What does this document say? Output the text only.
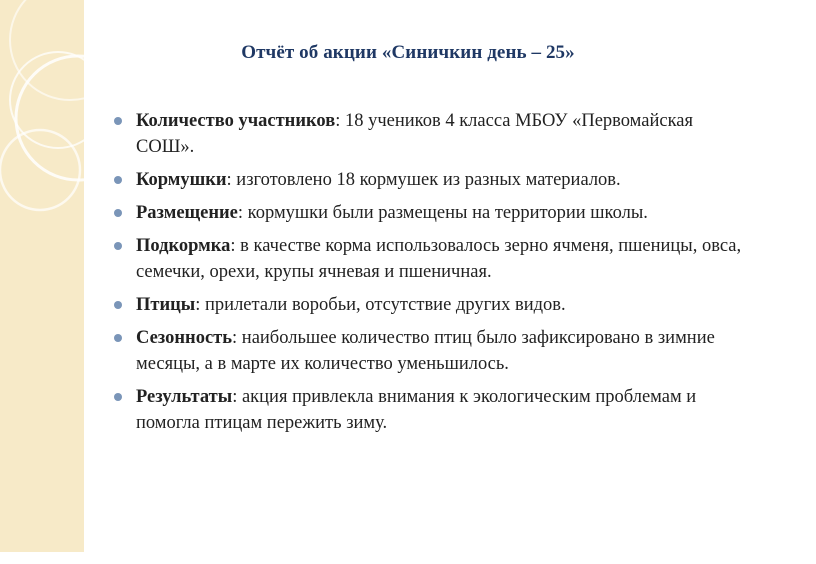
Отчёт об акции «Синичкин день – 25»
Количество участников: 18 учеников 4 класса МБОУ «Первомайская СОШ».
Кормушки: изготовлено 18 кормушек из разных материалов.
Размещение: кормушки были размещены на территории школы.
Подкормка: в качестве корма использовалось зерно ячменя, пшеницы, овса, семечки, орехи, крупы ячневая и пшеничная.
Птицы: прилетали воробьи, отсутствие других видов.
Сезонность: наибольшее количество птиц было зафиксировано в зимние месяцы, а в марте их количество уменьшилось.
Результаты: акция привлекла внимания к экологическим проблемам и помогла птицам пережить зиму.
